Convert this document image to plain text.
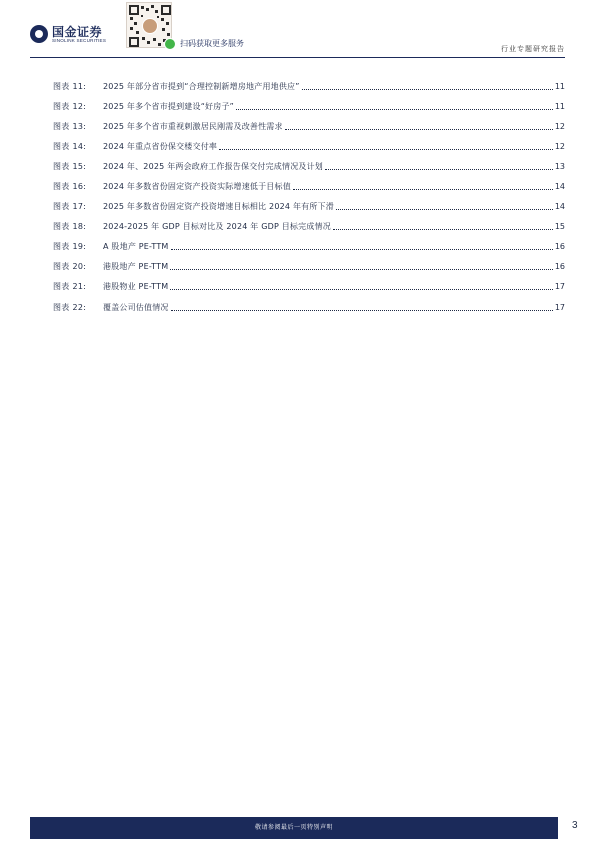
国金证券
SINOLINK SECURITIES	扫码获取更多服务
行业专题研究报告
图表 11:	2025 年部分省市提到“合理控制新增房地产用地供应”	11
图表 12:	2025 年多个省市提到建设“好房子”	11
图表 13:	2025 年多个省市重视刺激居民刚需及改善性需求	12
图表 14:	2024 年重点省份保交楼交付率	12
图表 15:	2024 年、2025 年两会政府工作报告保交付完成情况及计划	13
图表 16:	2024 年多数省份固定资产投资实际增速低于目标值	14
图表 17:	2025 年多数省份固定资产投资增速目标相比 2024 年有所下滑	14
图表 18:	2024-2025 年 GDP 目标对比及 2024 年 GDP 目标完成情况	15
图表 19:	A 股地产 PE-TTM	16
图表 20:	港股地产 PE-TTM	16
图表 21:	港股物业 PE-TTM	17
图表 22:	覆盖公司估值情况	17
敬请参阅最后一页特别声明	3
